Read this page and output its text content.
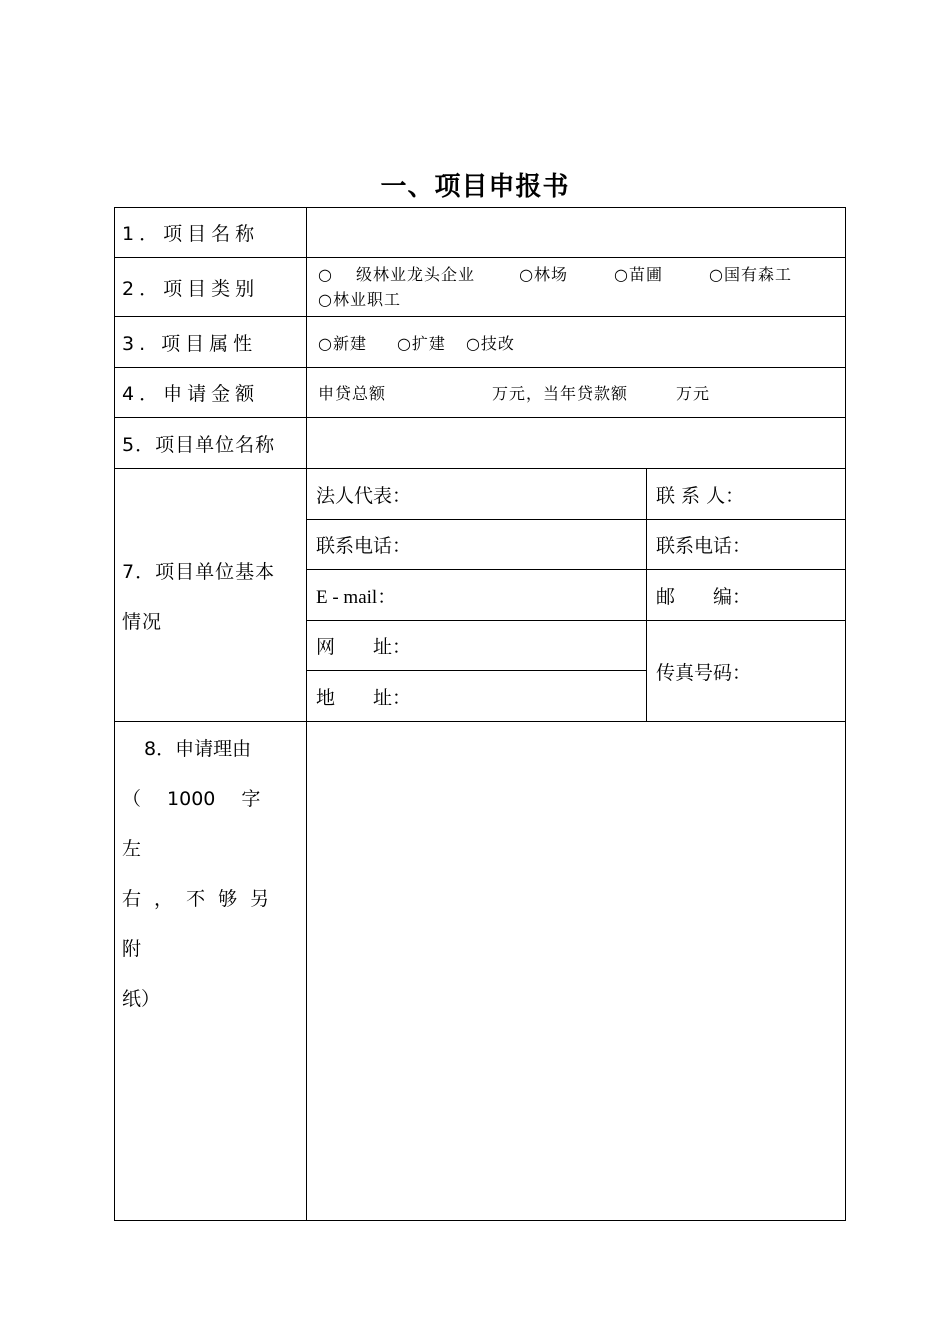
一、项目申报书
1．项目名称
2．项目类别
○　 级林业龙头企业	○林场	○苗圃	○国有森工
○林业职工
3. 项目属性	○新建 ○扩建 ○技改
4．申请金额	申贷总额	万元，当年贷款额	万元
5．项目单位名称
7．项目单位基本
情况
法人代表：	联 系 人：
联系电话：	联系电话：
E - mail：	邮　　编：
网　　址：
地　　址：
传真号码：
8．申请理由
（ 1000 字 左
右 ， 不 够 另 附
纸）
